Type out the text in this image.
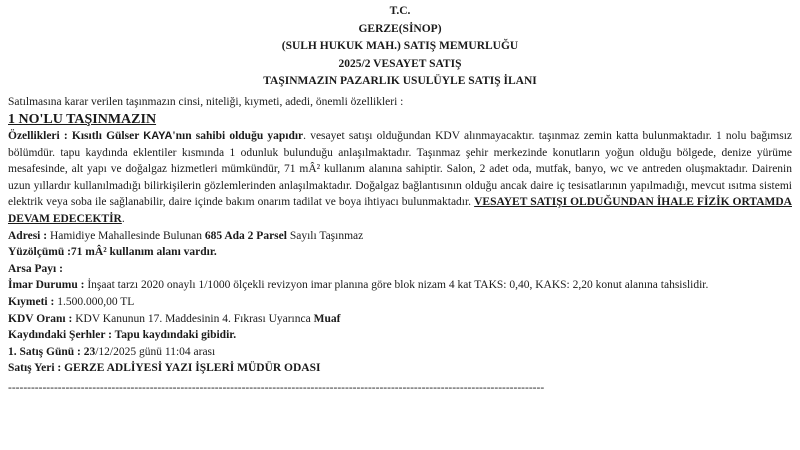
T.C.
GERZE(SİNOP)
(SULH HUKUK MAH.) SATIŞ MEMURLUĞU
2025/2 VESAYET SATIŞ
TAŞINMAZIN PAZARLIK USULÜYLE SATIŞ İLANI
Satılmasına karar verilen taşınmazın cinsi, niteliği, kıymeti, adedi, önemli özellikleri :
1 NO'LU TAŞINMAZIN
Özellikleri : Kısıtlı Gülser KAYA'nın sahibi olduğu yapıdır. vesayet satışı olduğundan KDV alınmayacaktır. taşınmaz zemin katta bulunmaktadır. 1 nolu bağımsız bölümdür. tapu kaydında eklentiler kısmında 1 odunluk bulunduğu anlaşılmaktadır. Taşınmaz şehir merkezinde konutların yoğun olduğu bölgede, denize yürüme mesafesinde, alt yapı ve doğalgaz hizmetleri mümkündür, 71 mÂ² kullanım alanına sahiptir. Salon, 2 adet oda, mutfak, banyo, wc ve antreden oluşmaktadır. Dairenin uzun yıllardır kullanılmadığı bilirkişilerin gözlemlerinden anlaşılmaktadır. Doğalgaz bağlantısının olduğu ancak daire iç tesisatlarının yapılmadığı, mevcut ısıtma sistemi elektrik veya soba ile sağlanabilir, daire içinde bakım onarım tadilat ve boya ihtiyacı bulunmaktadır. VESAYET SATIŞI OLDUĞUNDAN İHALE FİZİK ORTAMDA DEVAM EDECEKTİR.
Adresi : Hamidiye Mahallesinde Bulunan 685 Ada 2 Parsel Sayılı Taşınmaz
Yüzölçümü :71 mÂ² kullanım alanı vardır.
Arsa Payı :
İmar Durumu : İnşaat tarzı 2020 onaylı 1/1000 ölçekli revizyon imar planına göre blok nizam 4 kat TAKS: 0,40, KAKS: 2,20 konut alanına tahsislidir.
Kıymeti : 1.500.000,00 TL
KDV Oranı : KDV Kanunun 17. Maddesinin 4. Fıkrası Uyarınca Muaf
Kaydındaki Şerhler : Tapu kaydındaki gibidir.
1. Satış Günü : 23/12/2025 günü 11:04 arası
Satış Yeri : GERZE ADLİYESİ YAZI İŞLERİ MÜDÜR ODASI
--------------------------------------------------------------------------------------------------------------------------------------------
